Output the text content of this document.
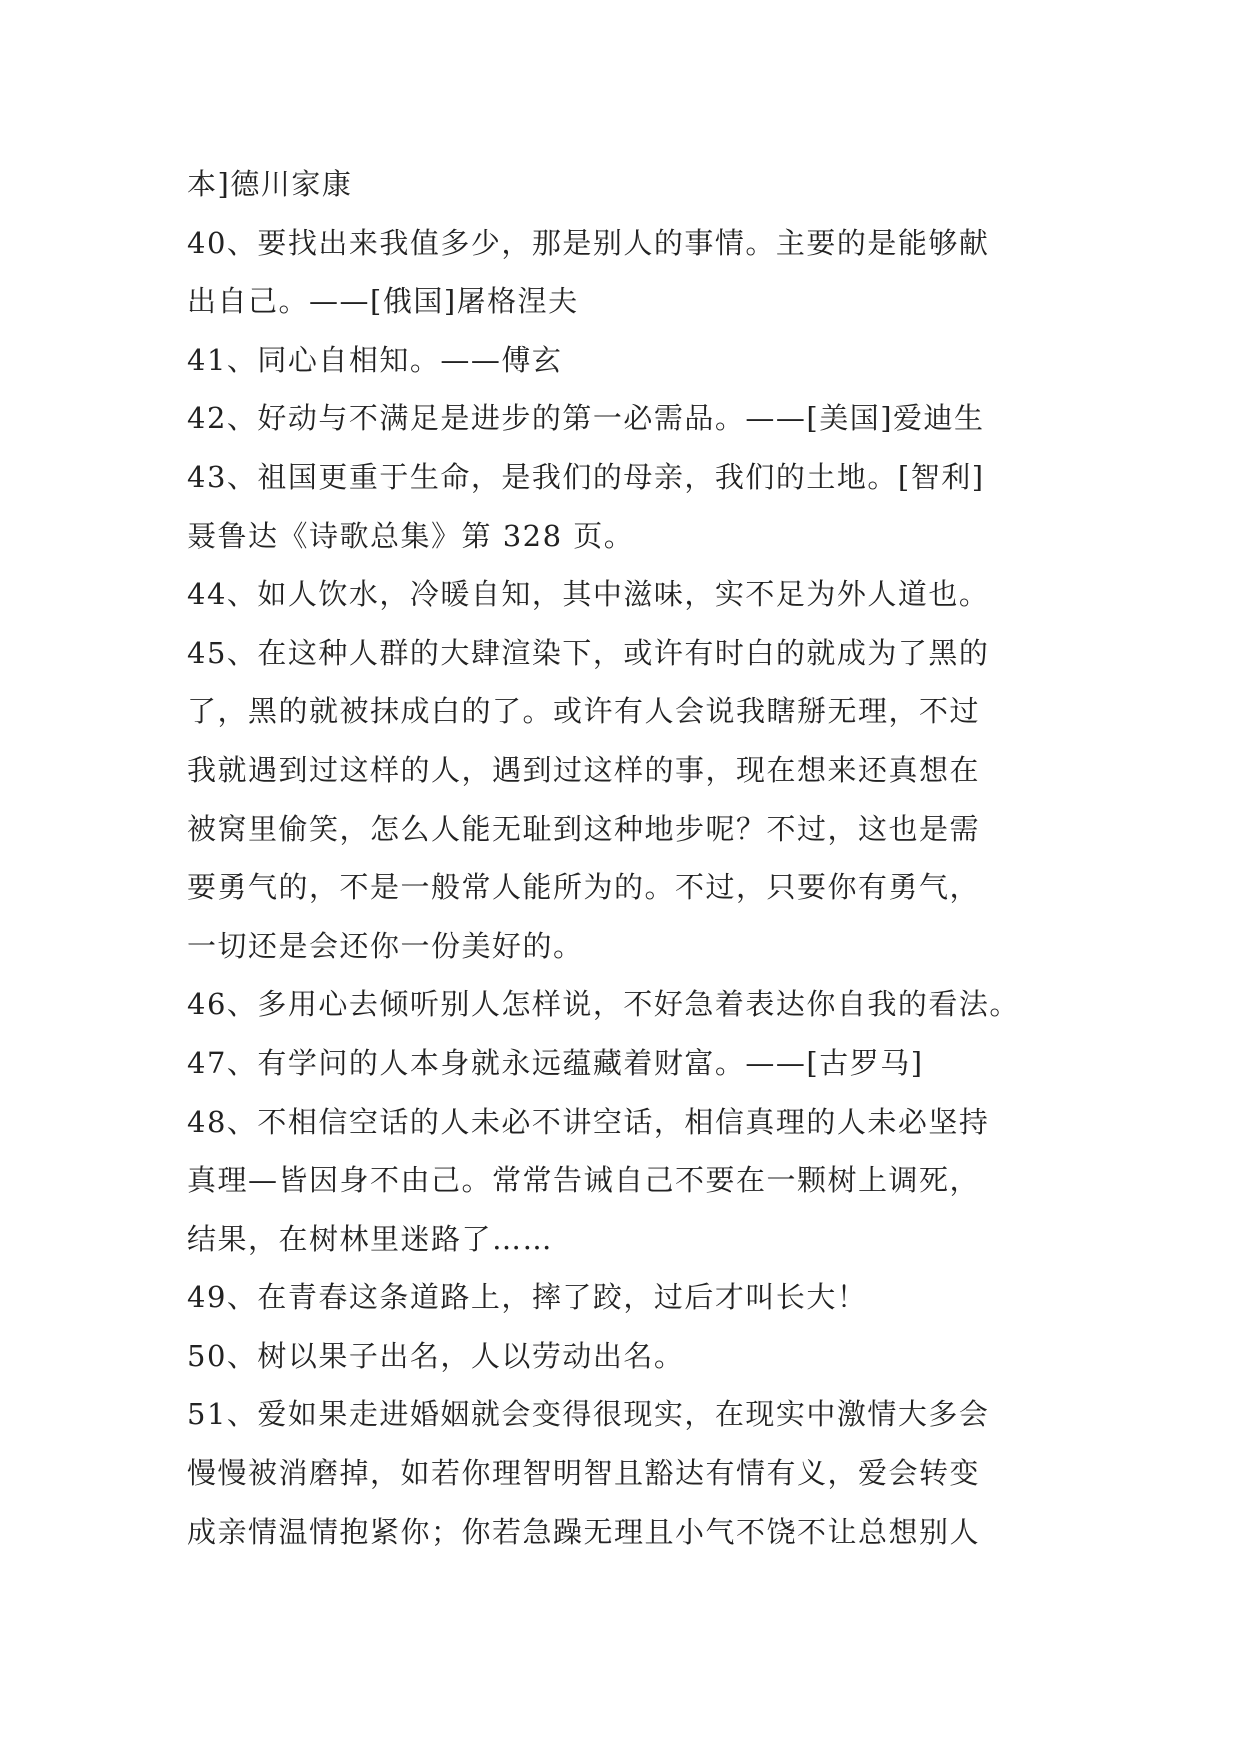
本]德川家康
40、要找出来我值多少，那是别人的事情。主要的是能够献
出自己。——[俄国]屠格涅夫
41、同心自相知。——傅玄
42、好动与不满足是进步的第一必需品。——[美国]爱迪生
43、祖国更重于生命，是我们的母亲，我们的土地。[智利]
聂鲁达《诗歌总集》第 328 页。
44、如人饮水，冷暖自知，其中滋味，实不足为外人道也。
45、在这种人群的大肆渲染下，或许有时白的就成为了黑的
了，黑的就被抹成白的了。或许有人会说我瞎掰无理，不过
我就遇到过这样的人，遇到过这样的事，现在想来还真想在
被窝里偷笑，怎么人能无耻到这种地步呢？不过，这也是需
要勇气的，不是一般常人能所为的。不过，只要你有勇气，
一切还是会还你一份美好的。
46、多用心去倾听别人怎样说，不好急着表达你自我的看法。
47、有学问的人本身就永远蕴藏着财富。——[古罗马]
48、不相信空话的人未必不讲空话，相信真理的人未必坚持
真理—皆因身不由己。常常告诫自己不要在一颗树上调死，
结果，在树林里迷路了……
49、在青春这条道路上，摔了跤，过后才叫长大！
50、树以果子出名，人以劳动出名。
51、爱如果走进婚姻就会变得很现实，在现实中激情大多会
慢慢被消磨掉，如若你理智明智且豁达有情有义，爱会转变
成亲情温情抱紧你；你若急躁无理且小气不饶不让总想别人
